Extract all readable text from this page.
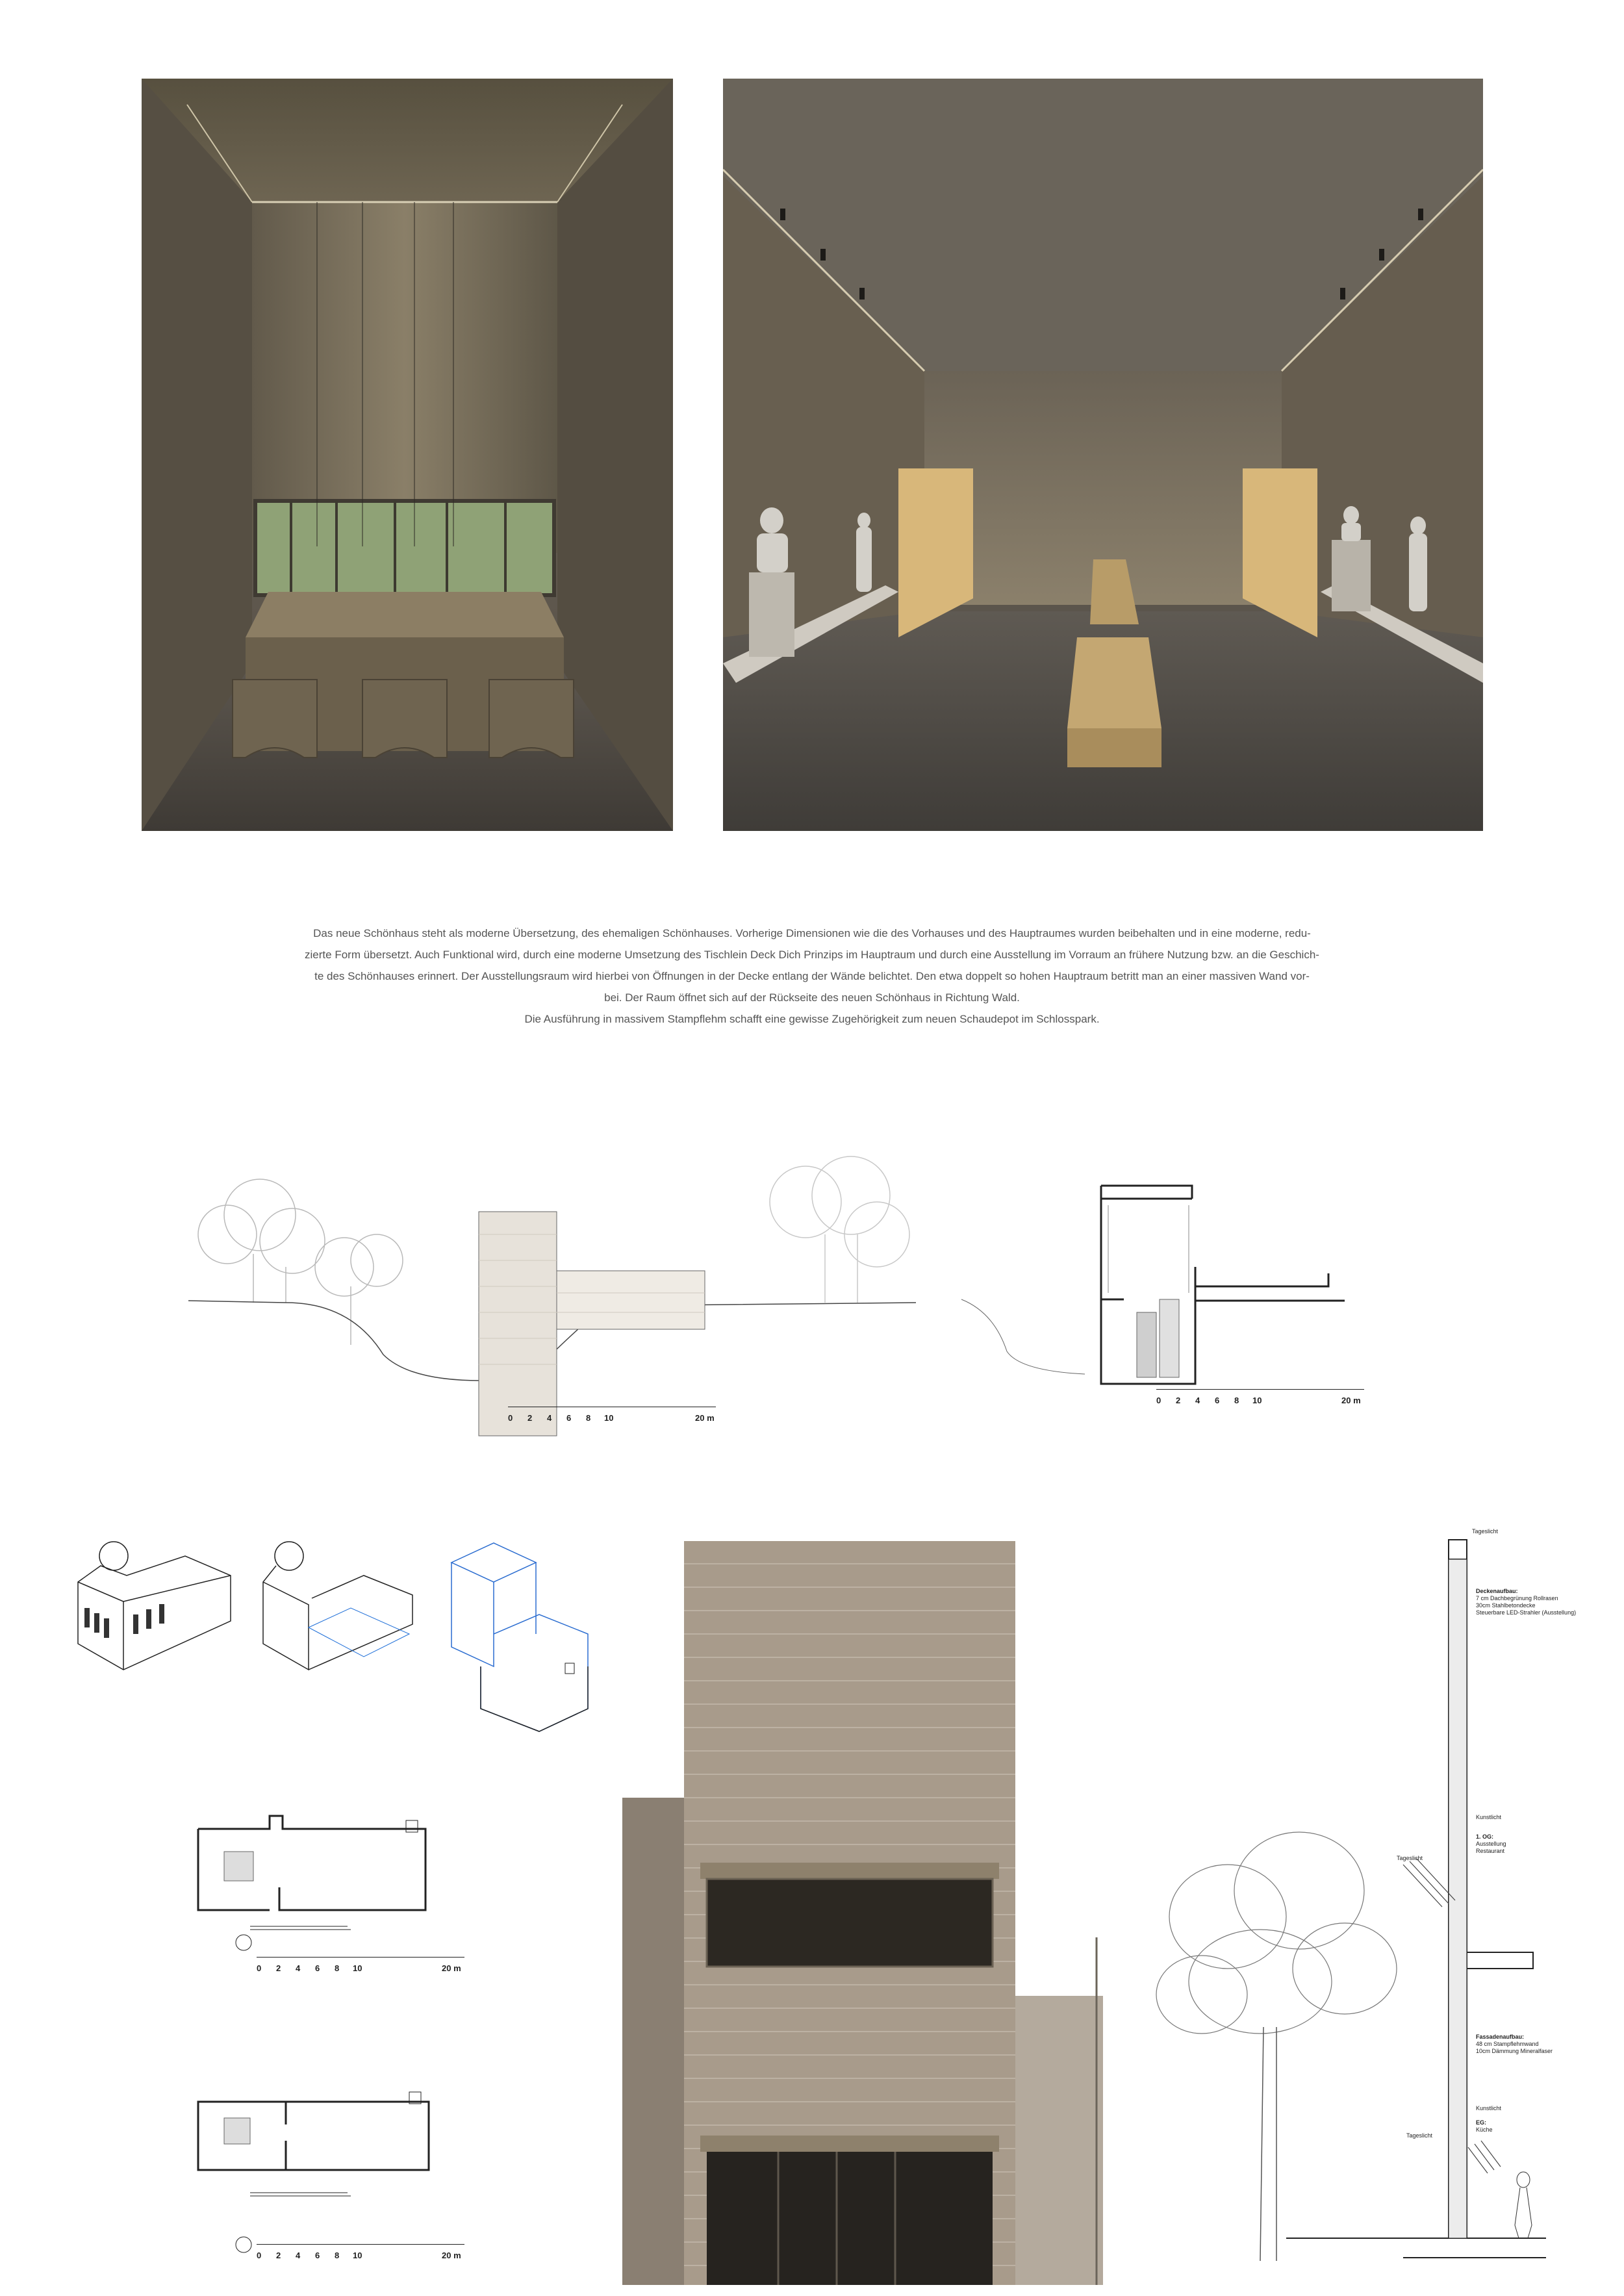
Das neue Schönhaus steht als moderne Übersetzung, des ehemaligen Schönhauses. Vorherige Dimensionen wie die des Vorhauses und des Hauptraumes wurden beibehalten und in eine moderne, redu-

zierte Form übersetzt. Auch Funktional wird, durch eine moderne Umsetzung des Tischlein Deck Dich Prinzips im Hauptraum und durch eine Ausstellung im Vorraum an frühere Nutzung bzw. an die Geschich-

te des Schönhauses erinnert. Der Ausstellungsraum wird hierbei von Öffnungen in der Decke entlang der Wände belichtet. Den etwa doppelt so hohen Hauptraum betritt man an einer massiven Wand vor-

bei. Der Raum öffnet sich auf der Rückseite des neuen Schönhaus in Richtung Wald.

Die Ausführung in massivem Stampflehm schafft eine gewisse Zugehörigkeit zum neuen Schaudepot im Schlosspark.

0 2 4 6 8 10	20 m
0 2 4 6 8 10	20 m
0 2 4 6 8 10	20 m
0 2 4 6 8 10	20 m
Tageslicht
Deckenaufbau:
7 cm Dachbegrünung Rollrasen
30cm Stahlbetondecke
Steuerbare LED-Strahler (Ausstellung)
Kunstlicht
1. OG:
Ausstellung
Restaurant
Tageslicht
Fassadenaufbau:
48 cm Stampflehmwand
10cm Dämmung Mineralfaser
Kunstlicht
EG:
Küche
Tageslicht
